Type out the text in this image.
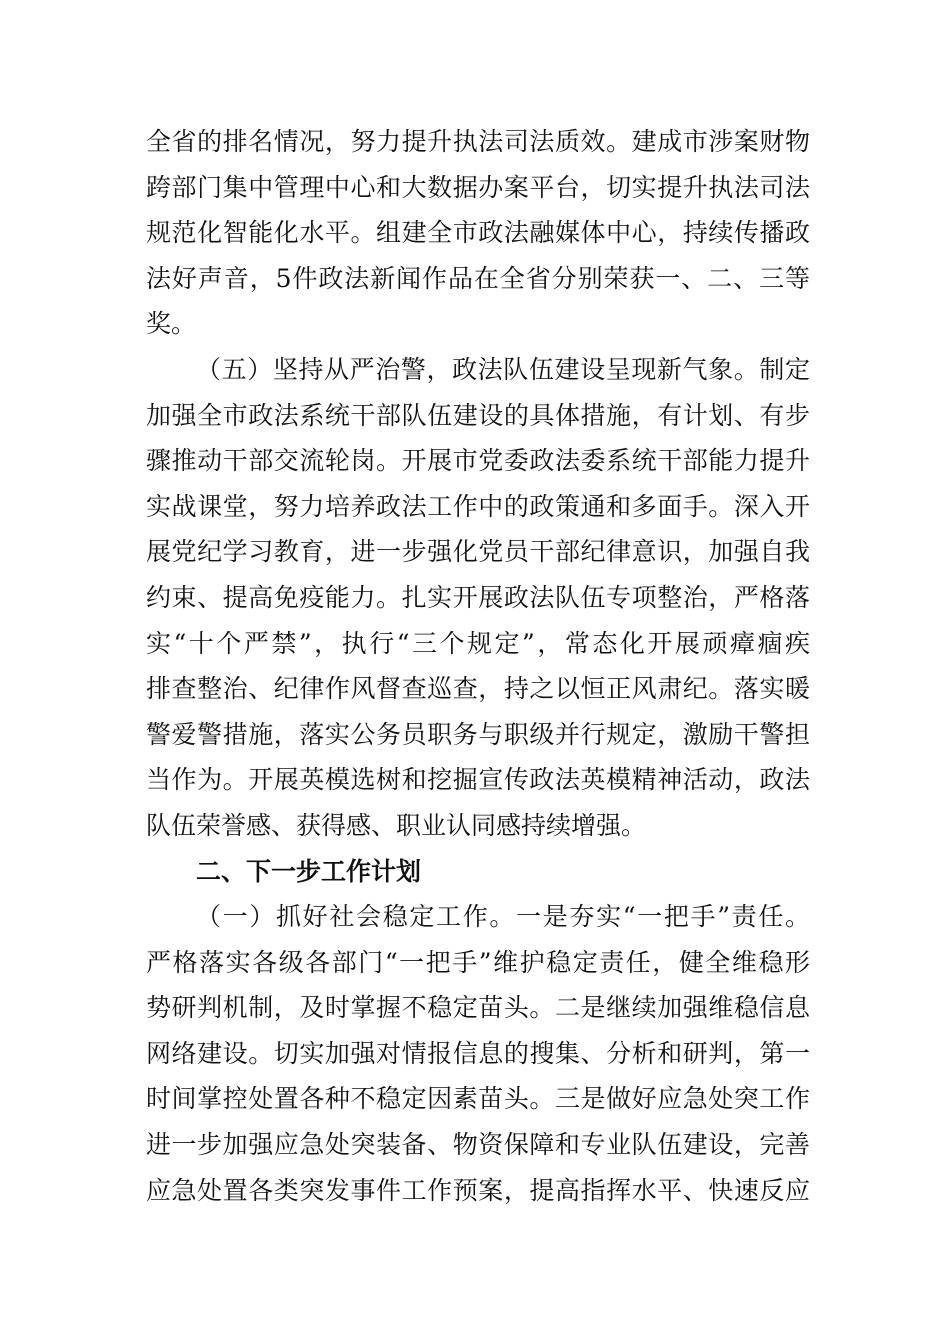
全省的排名情况，努力提升执法司法质效。建成市涉案财物
跨部门集中管理中心和大数据办案平台，切实提升执法司法
规范化智能化水平。组建全市政法融媒体中心，持续传播政
法好声音，5件政法新闻作品在全省分别荣获一、二、三等
奖。
（五）坚持从严治警，政法队伍建设呈现新气象。制定
加强全市政法系统干部队伍建设的具体措施，有计划、有步
骤推动干部交流轮岗。开展市党委政法委系统干部能力提升
实战课堂，努力培养政法工作中的政策通和多面手。深入开
展党纪学习教育，进一步强化党员干部纪律意识，加强自我
约束、提高免疫能力。扎实开展政法队伍专项整治，严格落
实“十个严禁”，执行“三个规定”，常态化开展顽瘴痼疾
排查整治、纪律作风督查巡查，持之以恒正风肃纪。落实暖
警爱警措施，落实公务员职务与职级并行规定，激励干警担
当作为。开展英模选树和挖掘宣传政法英模精神活动，政法
队伍荣誉感、获得感、职业认同感持续增强。
二、下一步工作计划
（一）抓好社会稳定工作。一是夯实“一把手”责任。
严格落实各级各部门“一把手”维护稳定责任，健全维稳形
势研判机制，及时掌握不稳定苗头。二是继续加强维稳信息
网络建设。切实加强对情报信息的搜集、分析和研判，第一
时间掌控处置各种不稳定因素苗头。三是做好应急处突工作
进一步加强应急处突装备、物资保障和专业队伍建设，完善
应急处置各类突发事件工作预案，提高指挥水平、快速反应
